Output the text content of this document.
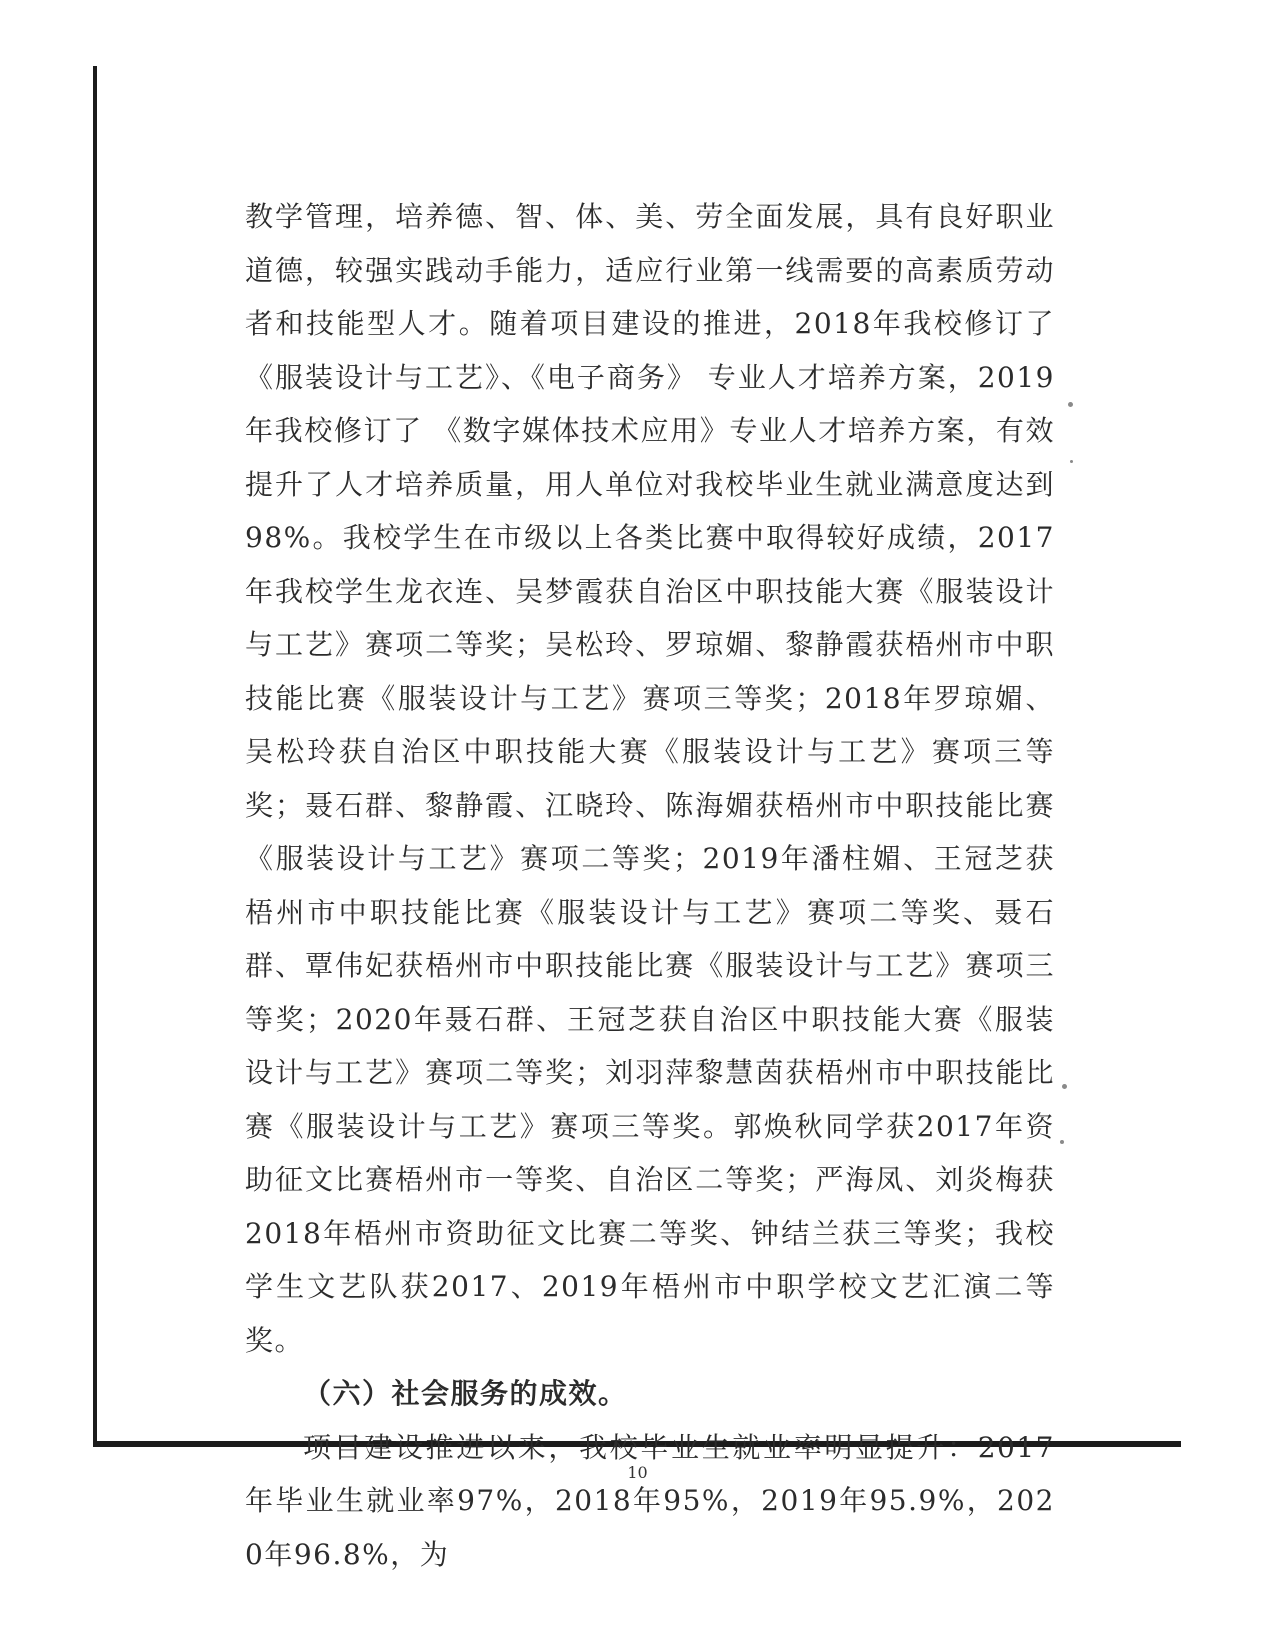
教学管理，培养德、智、体、美、劳全面发展，具有良好职业道德，较强实践动手能力，适应行业第一线需要的高素质劳动者和技能型人才。随着项目建设的推进，2018年我校修订了《服装设计与工艺》、《电子商务》 专业人才培养方案，2019年我校修订了 《数字媒体技术应用》专业人才培养方案，有效提升了人才培养质量，用人单位对我校毕业生就业满意度达到98%。我校学生在市级以上各类比赛中取得较好成绩，2017年我校学生龙衣连、吴梦霞获自治区中职技能大赛《服装设计与工艺》赛项二等奖；吴松玲、罗琼媚、黎静霞获梧州市中职技能比赛《服装设计与工艺》赛项三等奖；2018年罗琼媚、吴松玲获自治区中职技能大赛《服装设计与工艺》赛项三等奖；聂石群、黎静霞、江晓玲、陈海媚获梧州市中职技能比赛《服装设计与工艺》赛项二等奖；2019年潘柱媚、王冠芝获梧州市中职技能比赛《服装设计与工艺》赛项二等奖、聂石群、覃伟妃获梧州市中职技能比赛《服装设计与工艺》赛项三等奖；2020年聂石群、王冠芝获自治区中职技能大赛《服装设计与工艺》赛项二等奖；刘羽萍黎慧茵获梧州市中职技能比赛《服装设计与工艺》赛项三等奖。郭焕秋同学获2017年资助征文比赛梧州市一等奖、自治区二等奖；严海凤、刘炎梅获2018年梧州市资助征文比赛二等奖、钟结兰获三等奖；我校学生文艺队获2017、2019年梧州市中职学校文艺汇演二等奖。

（六）社会服务的成效。

项目建设推进以来，我校毕业生就业率明显提升：2017年毕业生就业率97%，2018年95%，2019年95.9%，2020年96.8%，为

10
